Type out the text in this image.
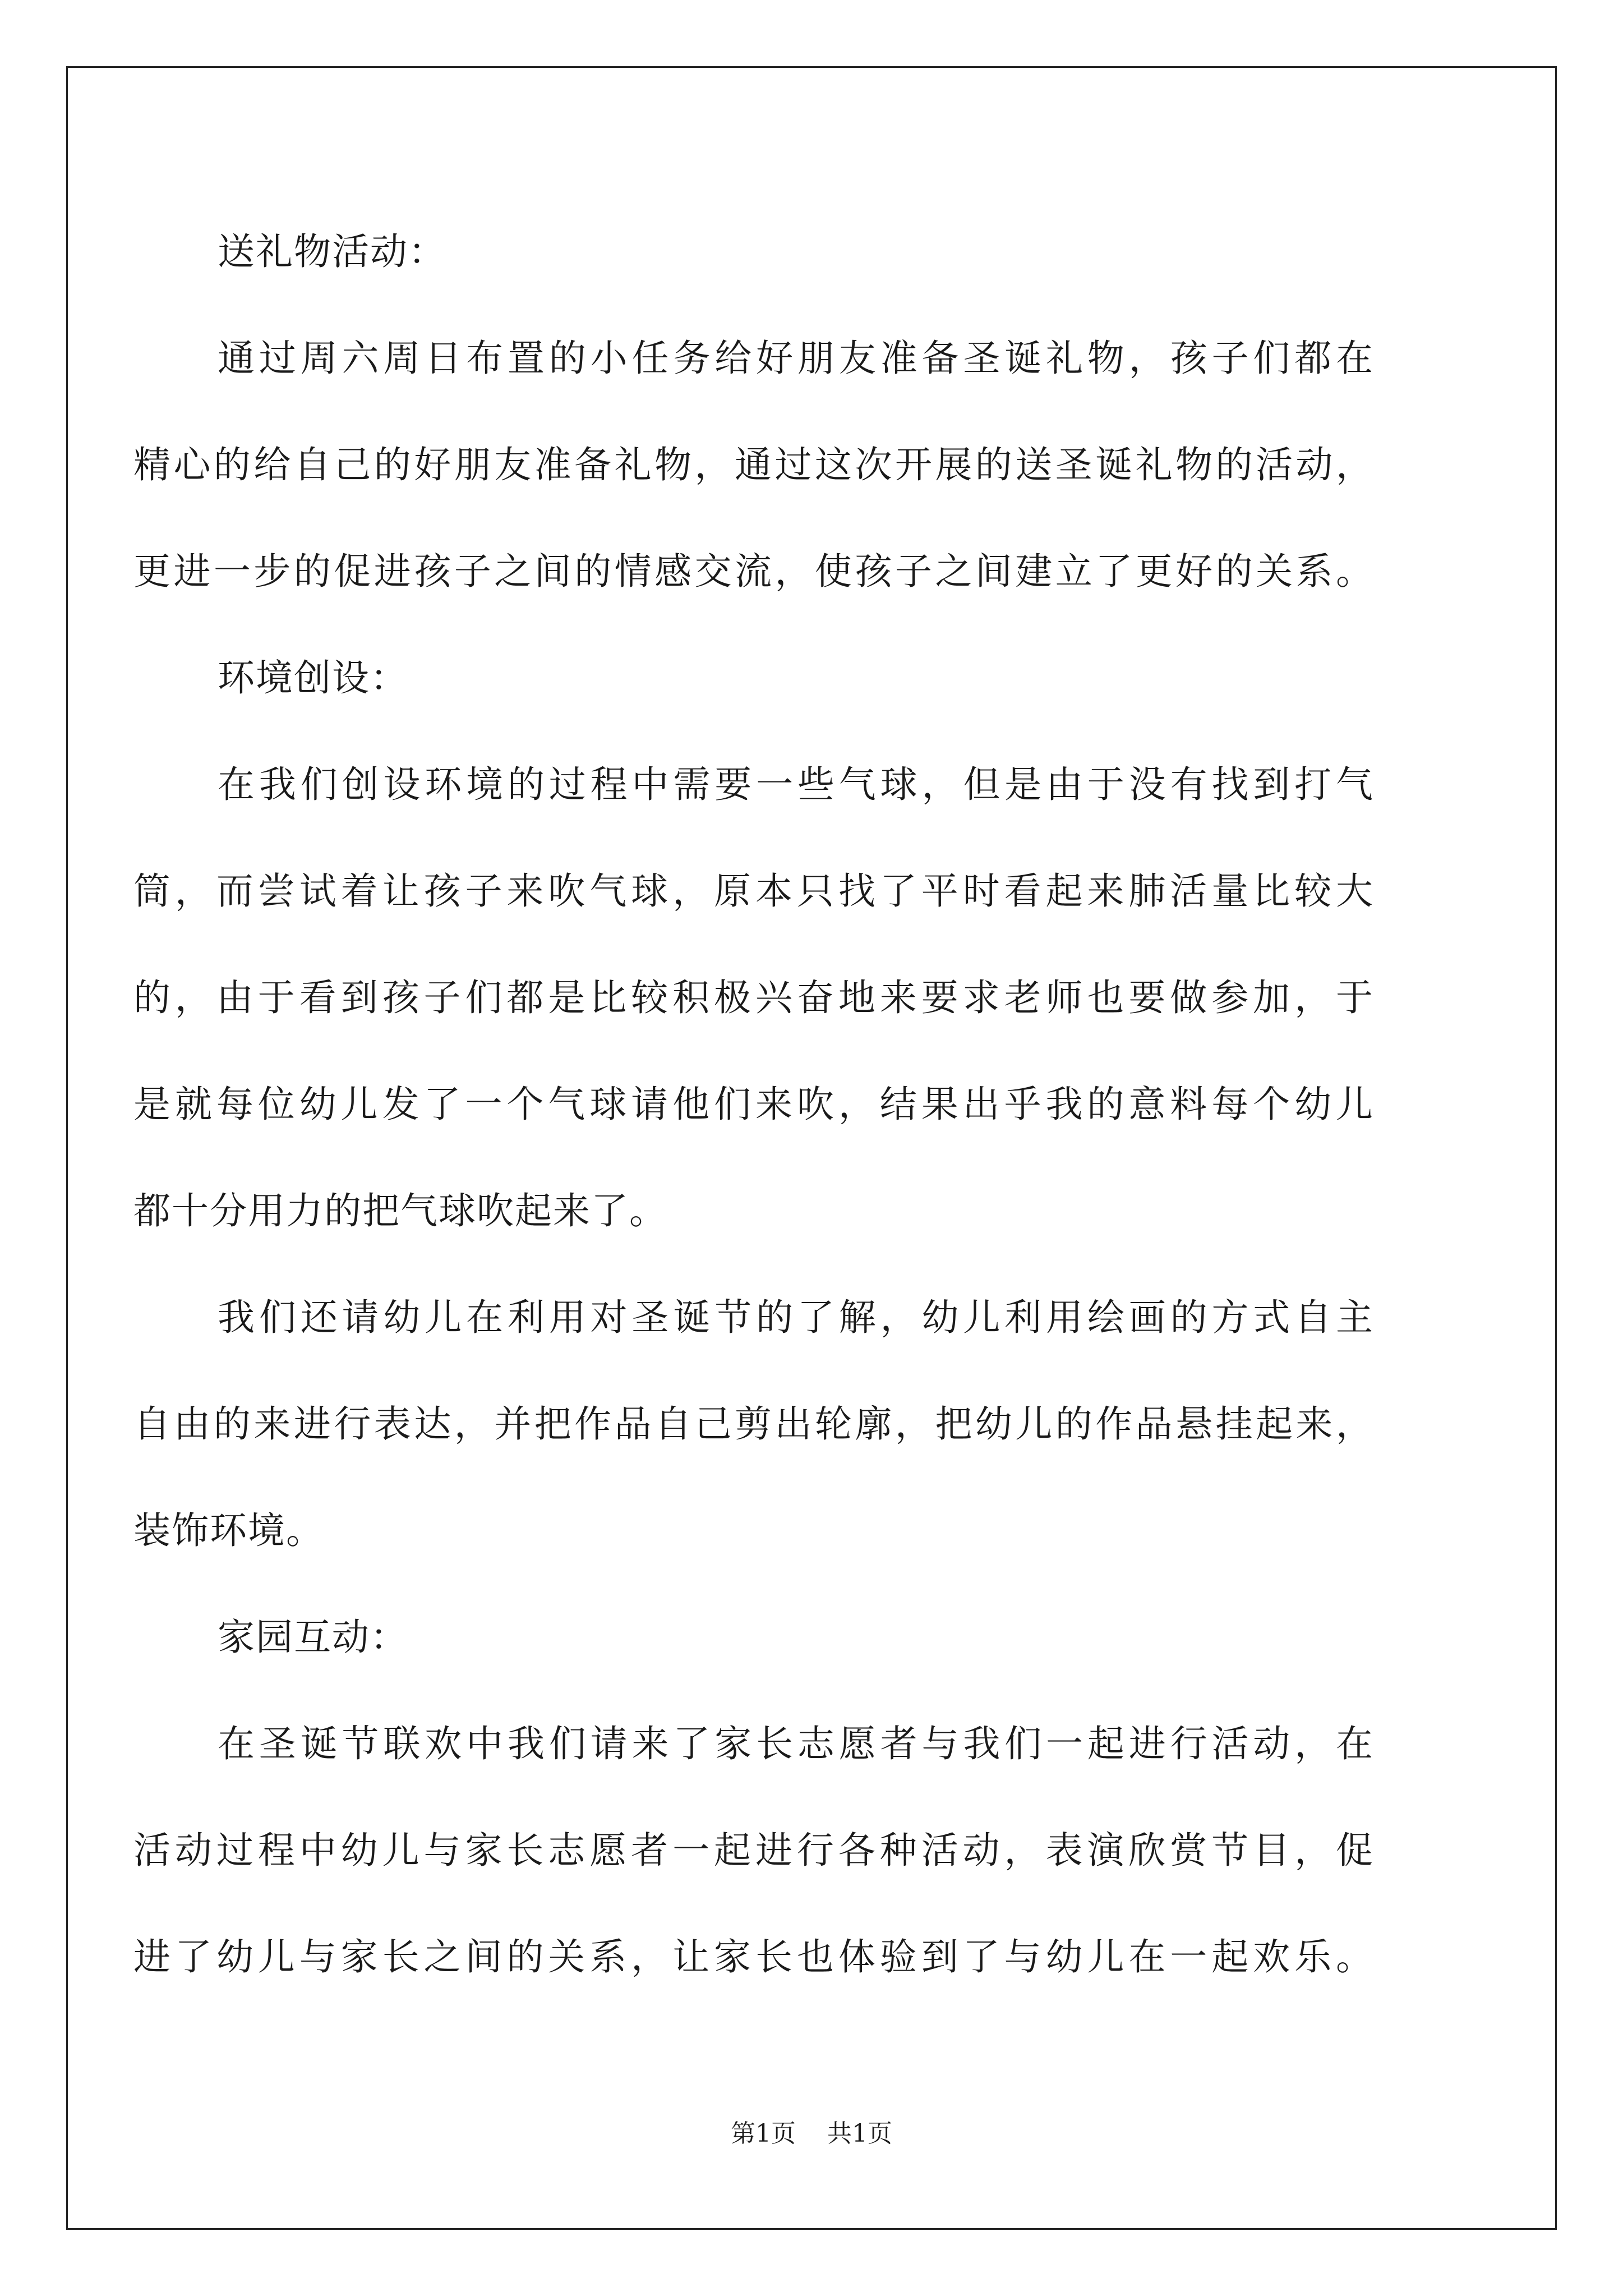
送礼物活动：
通过周六周日布置的小任务给好朋友准备圣诞礼物，孩子们都在
精心的给自己的好朋友准备礼物，通过这次开展的送圣诞礼物的活动，
更进一步的促进孩子之间的情感交流，使孩子之间建立了更好的关系。
环境创设：
在我们创设环境的过程中需要一些气球，但是由于没有找到打气
筒，而尝试着让孩子来吹气球，原本只找了平时看起来肺活量比较大
的，由于看到孩子们都是比较积极兴奋地来要求老师也要做参加，于
是就每位幼儿发了一个气球请他们来吹，结果出乎我的意料每个幼儿
都十分用力的把气球吹起来了。
我们还请幼儿在利用对圣诞节的了解，幼儿利用绘画的方式自主
自由的来进行表达，并把作品自己剪出轮廓，把幼儿的作品悬挂起来，
装饰环境。
家园互动：
在圣诞节联欢中我们请来了家长志愿者与我们一起进行活动，在
活动过程中幼儿与家长志愿者一起进行各种活动，表演欣赏节目，促
进了幼儿与家长之间的关系，让家长也体验到了与幼儿在一起欢乐。
第1页 共1页
